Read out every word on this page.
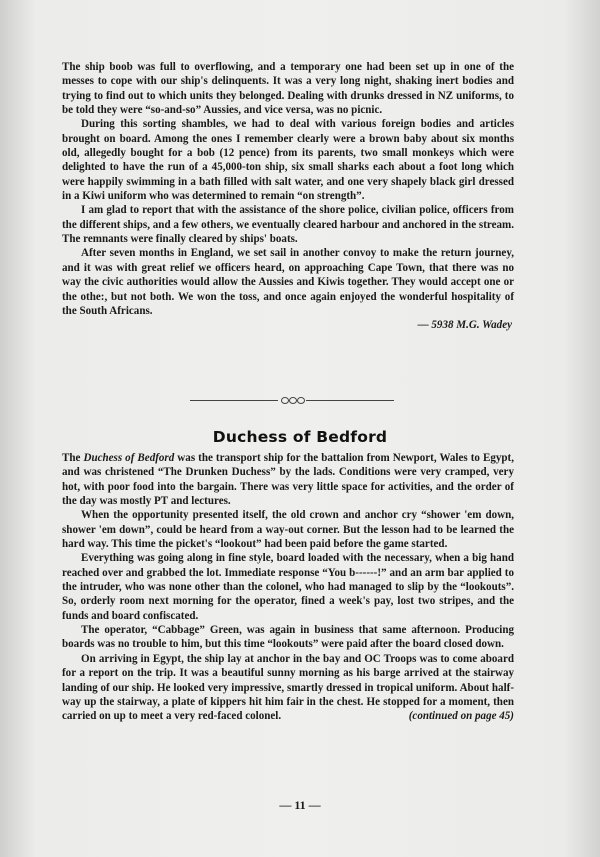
The ship boob was full to overflowing, and a temporary one had been set up in one of the messes to cope with our ship's delinquents. It was a very long night, shaking inert bodies and trying to find out to which units they belonged. Dealing with drunks dressed in NZ uniforms, to be told they were “so-and-so” Aussies, and vice versa, was no picnic.

During this sorting shambles, we had to deal with various foreign bodies and articles brought on board. Among the ones I remember clearly were a brown baby about six months old, allegedly bought for a bob (12 pence) from its parents, two small monkeys which were delighted to have the run of a 45,000-ton ship, six small sharks each about a foot long which were happily swimming in a bath filled with salt water, and one very shapely black girl dressed in a Kiwi uniform who was determined to remain “on strength”.

I am glad to report that with the assistance of the shore police, civilian police, officers from the different ships, and a few others, we eventually cleared harbour and anchored in the stream. The remnants were finally cleared by ships' boats.

After seven months in England, we set sail in another convoy to make the return journey, and it was with great relief we officers heard, on approaching Cape Town, that there was no way the civic authorities would allow the Aussies and Kiwis together. They would accept one or the othe:, but not both. We won the toss, and once again enjoyed the wonderful hospitality of the South Africans.

— 5938 M.G. Wadey
Duchess of Bedford

The Duchess of Bedford was the transport ship for the battalion from Newport, Wales to Egypt, and was christened “The Drunken Duchess” by the lads. Conditions were very cramped, very hot, with poor food into the bargain. There was very little space for activities, and the order of the day was mostly PT and lectures.

When the opportunity presented itself, the old crown and anchor cry “shower 'em down, shower 'em down”, could be heard from a way-out corner. But the lesson had to be learned the hard way. This time the picket's “lookout” had been paid before the game started.

Everything was going along in fine style, board loaded with the necessary, when a big hand reached over and grabbed the lot. Immediate response “You b------!” and an arm bar applied to the intruder, who was none other than the colonel, who had managed to slip by the “lookouts”. So, orderly room next morning for the operator, fined a week's pay, lost two stripes, and the funds and board confiscated.

The operator, “Cabbage” Green, was again in business that same afternoon. Producing boards was no trouble to him, but this time “lookouts” were paid after the board closed down.

On arriving in Egypt, the ship lay at anchor in the bay and OC Troops was to come aboard for a report on the trip. It was a beautiful sunny morning as his barge arrived at the stairway landing of our ship. He looked very impressive, smartly dressed in tropical uniform. About half-way up the stairway, a plate of kippers hit him fair in the chest. He stopped for a moment, then carried on up to meet a very red-faced colonel.	(continued on page 45)

— 11 —
